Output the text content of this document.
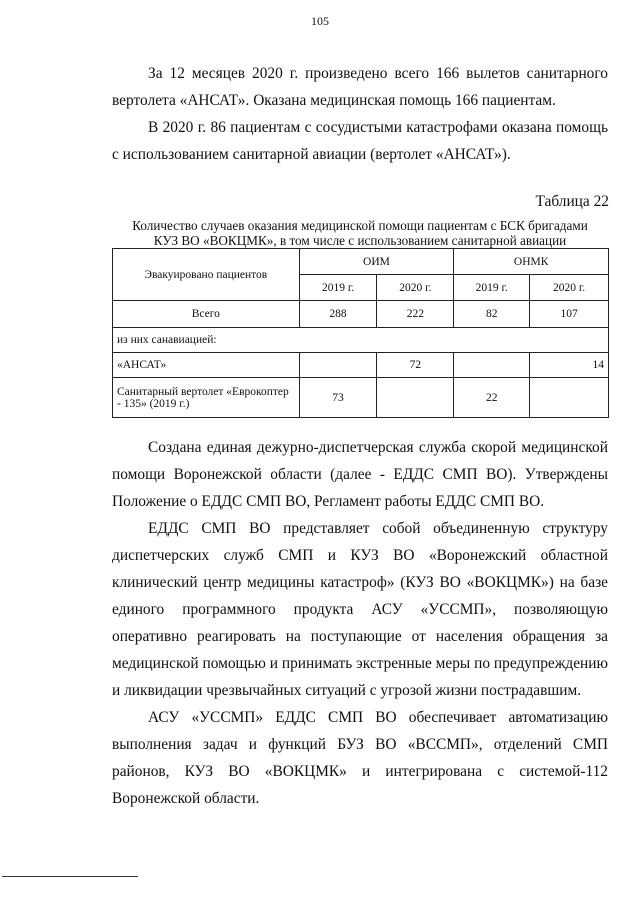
105

За 12 месяцев 2020 г. произведено всего 166 вылетов санитарного вертолета «АНСАТ». Оказана медицинская помощь 166 пациентам.

В 2020 г. 86 пациентам с сосудистыми катастрофами оказана помощь с использованием санитарной авиации (вертолет «АНСАТ»).

Таблица 22
Количество случаев оказания медицинской помощи пациентам с БСК бригадами
КУЗ ВО «ВОКЦМК», в том числе с использованием санитарной авиации
Эвакуировано пациентов	ОИМ		ОНМК	
	2019 г.	2020 г.	2019 г.	2020 г.
Всего	288	222	82	107
из них санавиацией:				
«АНСАТ»		72		14
Санитарный вертолет «Еврокоптер - 135» (2019 г.)	73		22	

Создана единая дежурно-диспетчерская служба скорой медицинской помощи Воронежской области (далее - ЕДДС СМП ВО). Утверждены Положение о ЕДДС СМП ВО, Регламент работы ЕДДС СМП ВО.

ЕДДС СМП ВО представляет собой объединенную структуру диспетчерских служб СМП и КУЗ ВО «Воронежский областной клинический центр медицины катастроф» (КУЗ ВО «ВОКЦМК») на базе единого программного продукта АСУ «УССМП», позволяющую оперативно реагировать на поступающие от населения обращения за медицинской помощью и принимать экстренные меры по предупреждению и ликвидации чрезвычайных ситуаций с угрозой жизни пострадавшим.

АСУ «УССМП» ЕДДС СМП ВО обеспечивает автоматизацию выполнения задач и функций БУЗ ВО «ВССМП», отделений СМП районов, КУЗ ВО «ВОКЦМК» и интегрирована с системой-112 Воронежской области.
